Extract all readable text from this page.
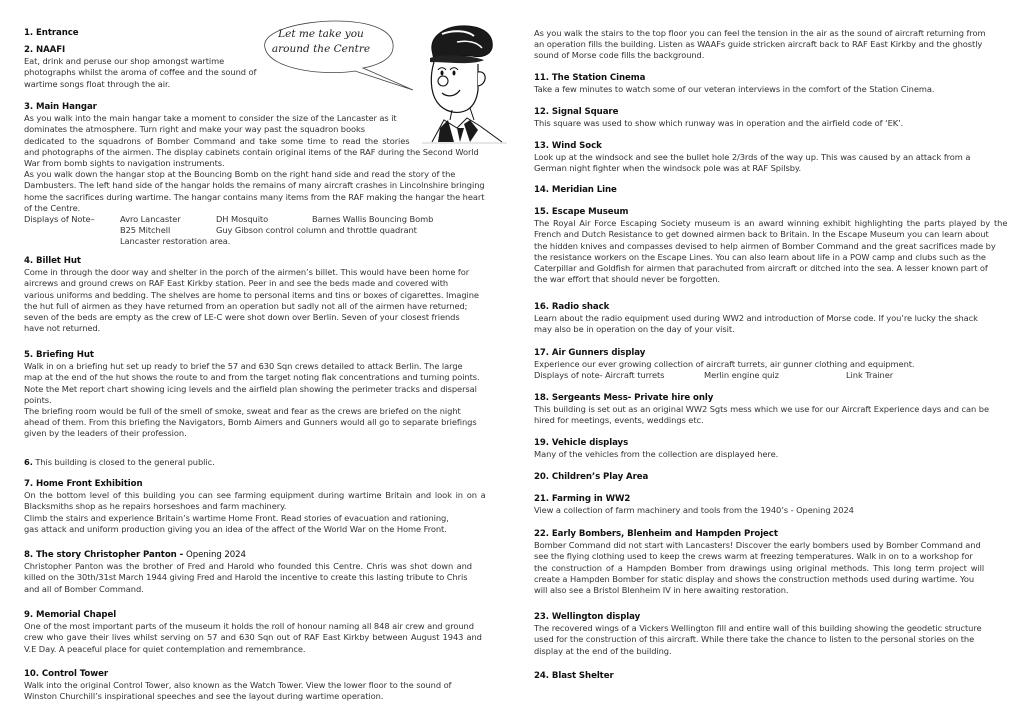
1. Entrance
2. NAAFI
Eat, drink and peruse our shop amongst wartime
photographs whilst the aroma of coffee and the sound of
wartime songs float through the air.
3. Main Hangar
As you walk into the main hangar take a moment to consider the size of the Lancaster as it
dominates the atmosphere. Turn right and make your way past the squadron books
dedicated to the squadrons of Bomber Command and take some time to read the stories
and photographs of the airmen. The display cabinets contain original items of the RAF during the Second World
War from bomb sights to navigation instruments.
As you walk down the hangar stop at the Bouncing Bomb on the right hand side and read the story of the
Dambusters. The left hand side of the hangar holds the remains of many aircraft crashes in Lincolnshire bringing
home the sacrifices during wartime. The hangar contains many items from the RAF making the hangar the heart
of the Centre.
Displays of Note–	Avro Lancaster	DH Mosquito	Barnes Wallis Bouncing Bomb
B25 Mitchell	Guy Gibson control column and throttle quadrant
Lancaster restoration area.
4. Billet Hut
Come in through the door way and shelter in the porch of the airmen’s billet. This would have been home for
aircrews and ground crews on RAF East Kirkby station. Peer in and see the beds made and covered with
various uniforms and bedding. The shelves are home to personal items and tins or boxes of cigarettes. Imagine
the hut full of airmen as they have returned from an operation but sadly not all of the airmen have returned;
seven of the beds are empty as the crew of LE-C were shot down over Berlin. Seven of your closest friends
have not returned.
5. Briefing Hut
Walk in on a briefing hut set up ready to brief the 57 and 630 Sqn crews detailed to attack Berlin. The large
map at the end of the hut shows the route to and from the target noting flak concentrations and turning points.
Note the Met report chart showing icing levels and the airfield plan showing the perimeter tracks and dispersal
points.
The briefing room would be full of the smell of smoke, sweat and fear as the crews are briefed on the night
ahead of them. From this briefing the Navigators, Bomb Aimers and Gunners would all go to separate briefings
given by the leaders of their profession.
6. This building is closed to the general public.
7. Home Front Exhibition
On the bottom level of this building you can see farming equipment during wartime Britain and look in on a
Blacksmiths shop as he repairs horseshoes and farm machinery.
Climb the stairs and experience Britain’s wartime Home Front. Read stories of evacuation and rationing,
gas attack and uniform production giving you an idea of the affect of the World War on the Home Front.
8. The story Christopher Panton - Opening 2024
Christopher Panton was the brother of Fred and Harold who founded this Centre. Chris was shot down and
killed on the 30th/31st March 1944 giving Fred and Harold the incentive to create this lasting tribute to Chris
and all of Bomber Command.
9. Memorial Chapel
One of the most important parts of the museum it holds the roll of honour naming all 848 air crew and ground
crew who gave their lives whilst serving on 57 and 630 Sqn out of RAF East Kirkby between August 1943 and
V.E Day. A peaceful place for quiet contemplation and remembrance.
10. Control Tower
Walk into the original Control Tower, also known as the Watch Tower. View the lower floor to the sound of
Winston Churchill’s inspirational speeches and see the layout during wartime operation.
Let me take you
around the Centre
As you walk the stairs to the top floor you can feel the tension in the air as the sound of aircraft returning from
an operation fills the building. Listen as WAAFs guide stricken aircraft back to RAF East Kirkby and the ghostly
sound of Morse code fills the background.
11. The Station Cinema
Take a few minutes to watch some of our veteran interviews in the comfort of the Station Cinema.
12. Signal Square
This square was used to show which runway was in operation and the airfield code of ‘EK’.
13. Wind Sock
Look up at the windsock and see the bullet hole 2/3rds of the way up. This was caused by an attack from a
German night fighter when the windsock pole was at RAF Spilsby.
14. Meridian Line
15. Escape Museum
The Royal Air Force Escaping Society museum is an award winning exhibit highlighting the parts played by the
French and Dutch Resistance to get downed airmen back to Britain. In the Escape Museum you can learn about
the hidden knives and compasses devised to help airmen of Bomber Command and the great sacrifices made by
the resistance workers on the Escape Lines. You can also learn about life in a POW camp and clubs such as the
Caterpillar and Goldfish for airmen that parachuted from aircraft or ditched into the sea. A lesser known part of
the war effort that should never be forgotten.
16. Radio shack
Learn about the radio equipment used during WW2 and introduction of Morse code. If you’re lucky the shack
may also be in operation on the day of your visit.
17. Air Gunners display
Experience our ever growing collection of aircraft turrets, air gunner clothing and equipment.
Displays of note- Aircraft turrets	Merlin engine quiz	Link Trainer
18. Sergeants Mess- Private hire only
This building is set out as an original WW2 Sgts mess which we use for our Aircraft Experience days and can be
hired for meetings, events, weddings etc.
19. Vehicle displays
Many of the vehicles from the collection are displayed here.
20. Children’s Play Area
21. Farming in WW2
View a collection of farm machinery and tools from the 1940’s - Opening 2024
22. Early Bombers, Blenheim and Hampden Project
Bomber Command did not start with Lancasters! Discover the early bombers used by Bomber Command and
see the flying clothing used to keep the crews warm at freezing temperatures. Walk in on to a workshop for
the construction of a Hampden Bomber from drawings using original methods. This long term project will
create a Hampden Bomber for static display and shows the construction methods used during wartime. You
will also see a Bristol Blenheim IV in here awaiting restoration.
23. Wellington display
The recovered wings of a Vickers Wellington fill and entire wall of this building showing the geodetic structure
used for the construction of this aircraft. While there take the chance to listen to the personal stories on the
display at the end of the building.
24. Blast Shelter
